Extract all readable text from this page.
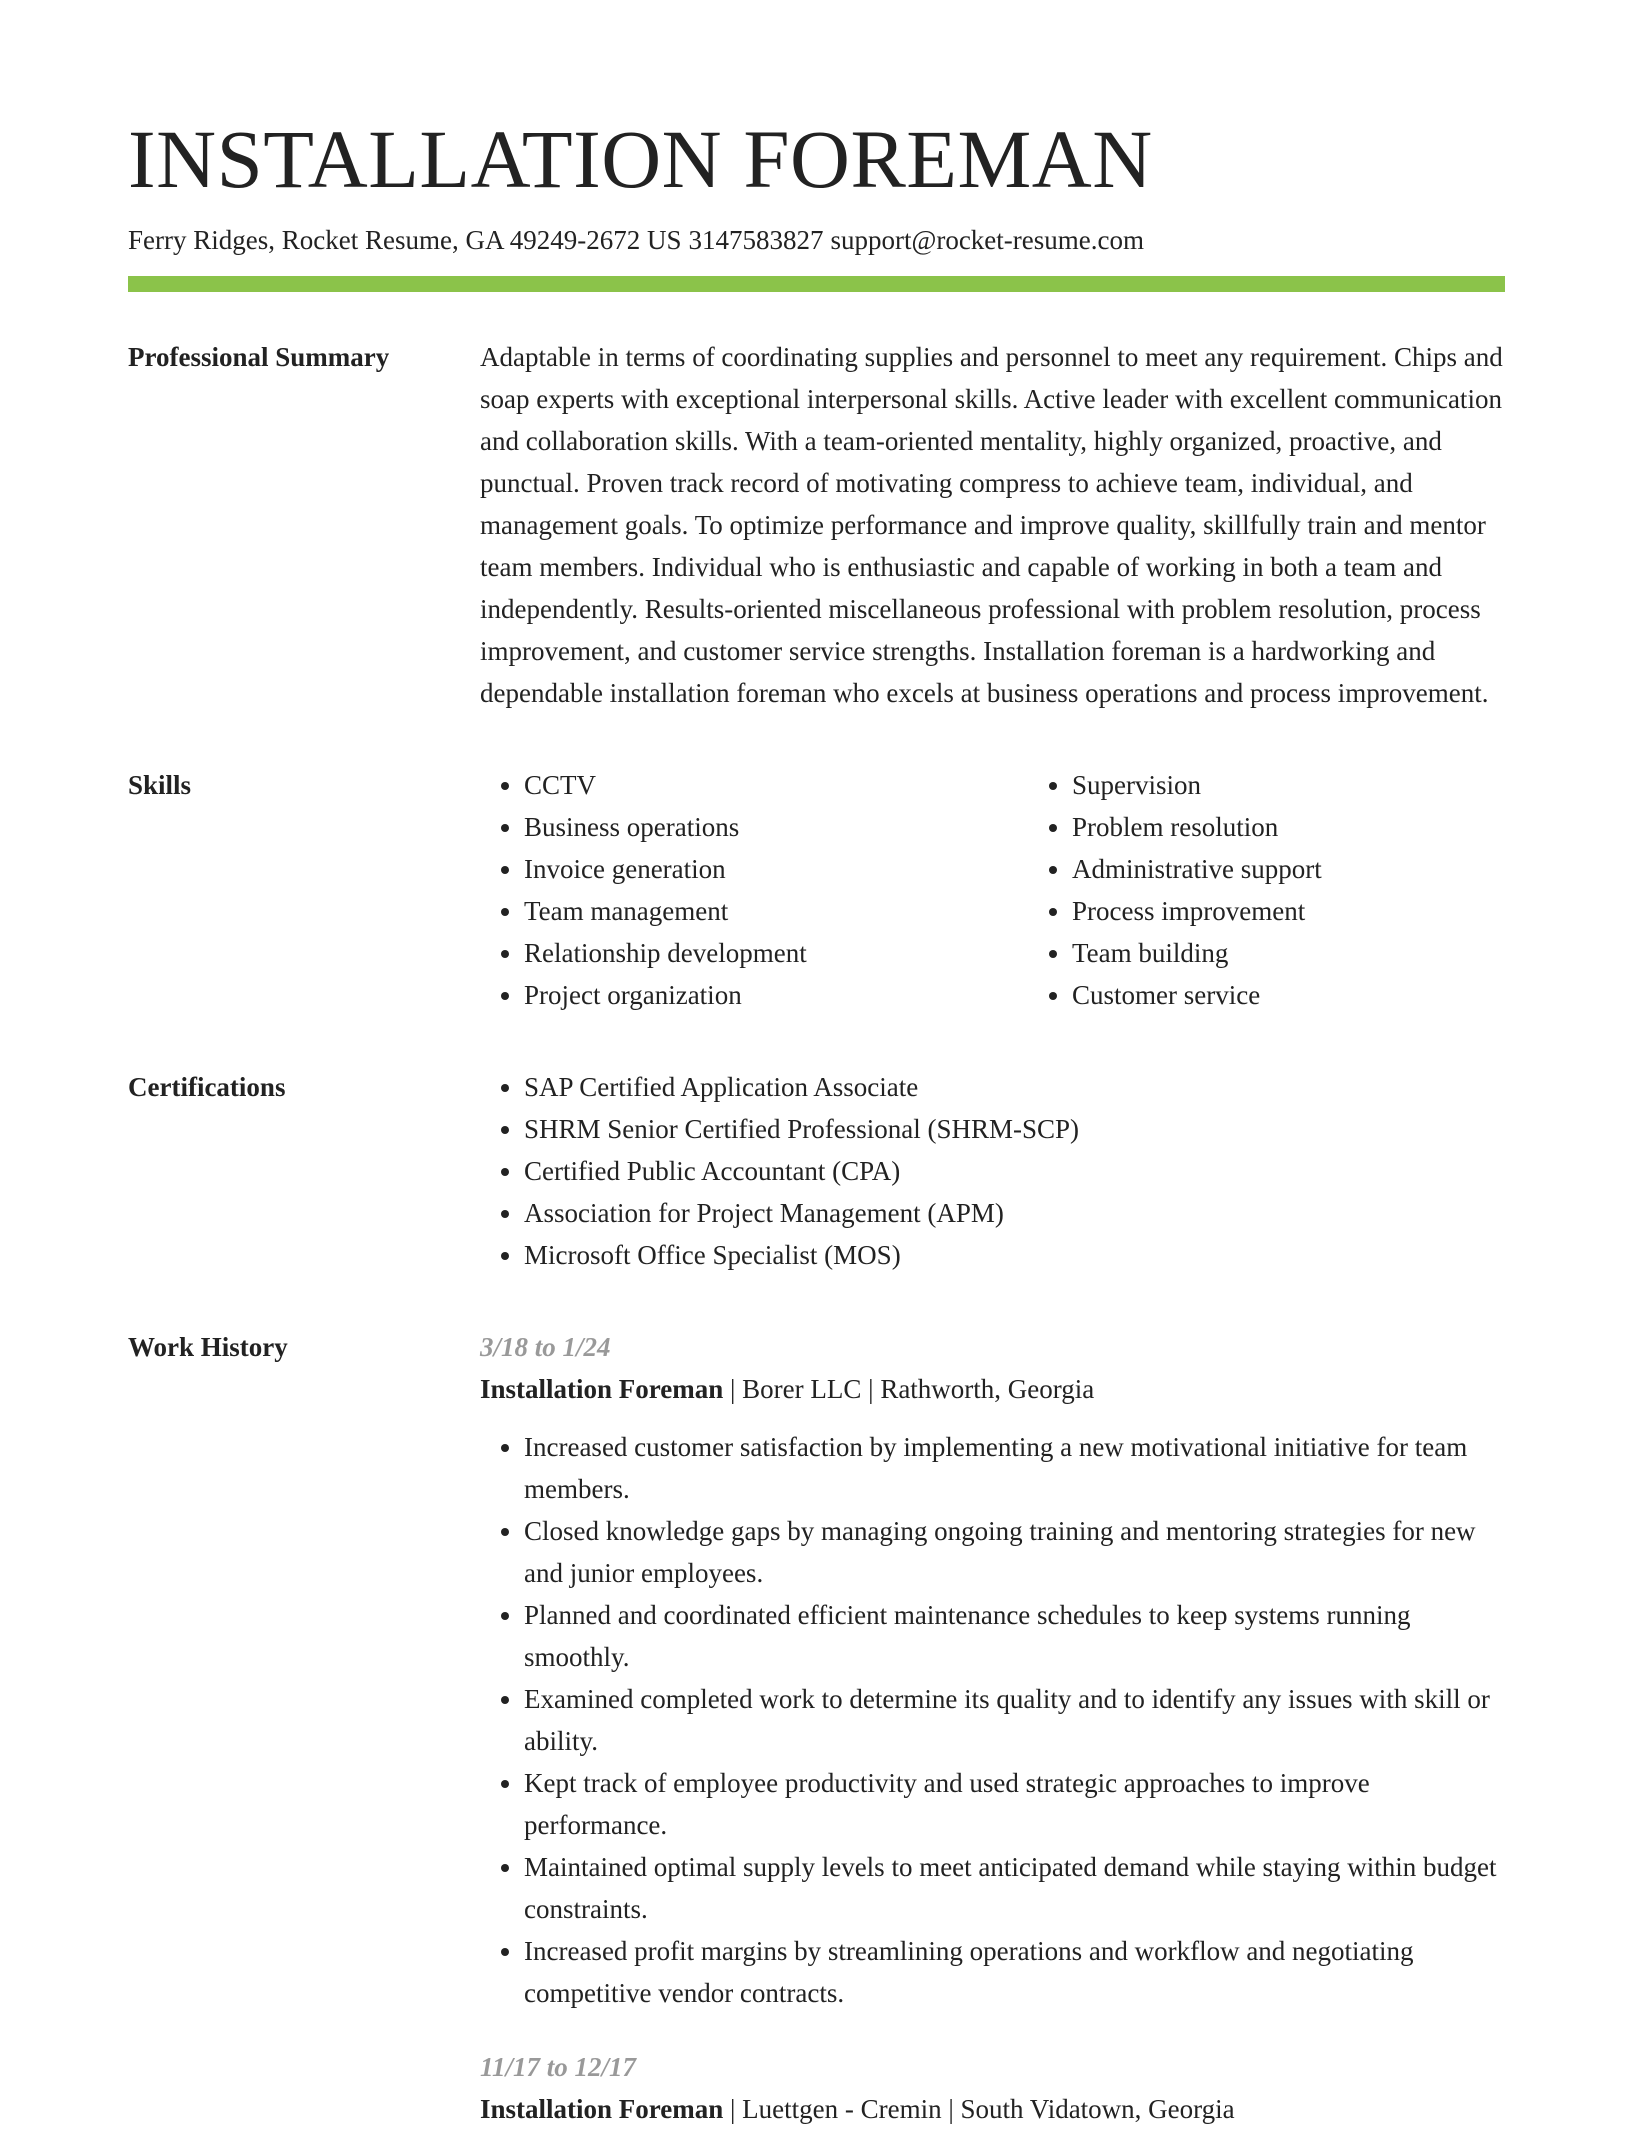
INSTALLATION FOREMAN
Ferry Ridges, Rocket Resume, GA 49249-2672 US 3147583827 support@rocket-resume.com
Professional Summary	Adaptable in terms of coordinating supplies and personnel to meet any requirement. Chips and soap experts with exceptional interpersonal skills. Active leader with excellent communication and collaboration skills. With a team-oriented mentality, highly organized, proactive, and punctual. Proven track record of motivating compress to achieve team, individual, and management goals. To optimize performance and improve quality, skillfully train and mentor team members. Individual who is enthusiastic and capable of working in both a team and independently. Results-oriented miscellaneous professional with problem resolution, process improvement, and customer service strengths. Installation foreman is a hardworking and dependable installation foreman who excels at business operations and process improvement.

Skills	• CCTV
• Business operations
• Invoice generation
• Team management
• Relationship development
• Project organization
• Supervision
• Problem resolution
• Administrative support
• Process improvement
• Team building
• Customer service
Certifications	• SAP Certified Application Associate
• SHRM Senior Certified Professional (SHRM-SCP)
• Certified Public Accountant (CPA)
• Association for Project Management (APM)
• Microsoft Office Specialist (MOS)
Work History	3/18 to 1/24
Installation Foreman | Borer LLC | Rathworth, Georgia
• Increased customer satisfaction by implementing a new motivational initiative for team members.
• Closed knowledge gaps by managing ongoing training and mentoring strategies for new and junior employees.
• Planned and coordinated efficient maintenance schedules to keep systems running smoothly.
• Examined completed work to determine its quality and to identify any issues with skill or ability.
• Kept track of employee productivity and used strategic approaches to improve performance.
• Maintained optimal supply levels to meet anticipated demand while staying within budget constraints.
• Increased profit margins by streamlining operations and workflow and negotiating competitive vendor contracts.
11/17 to 12/17
Installation Foreman | Luettgen - Cremin | South Vidatown, Georgia
